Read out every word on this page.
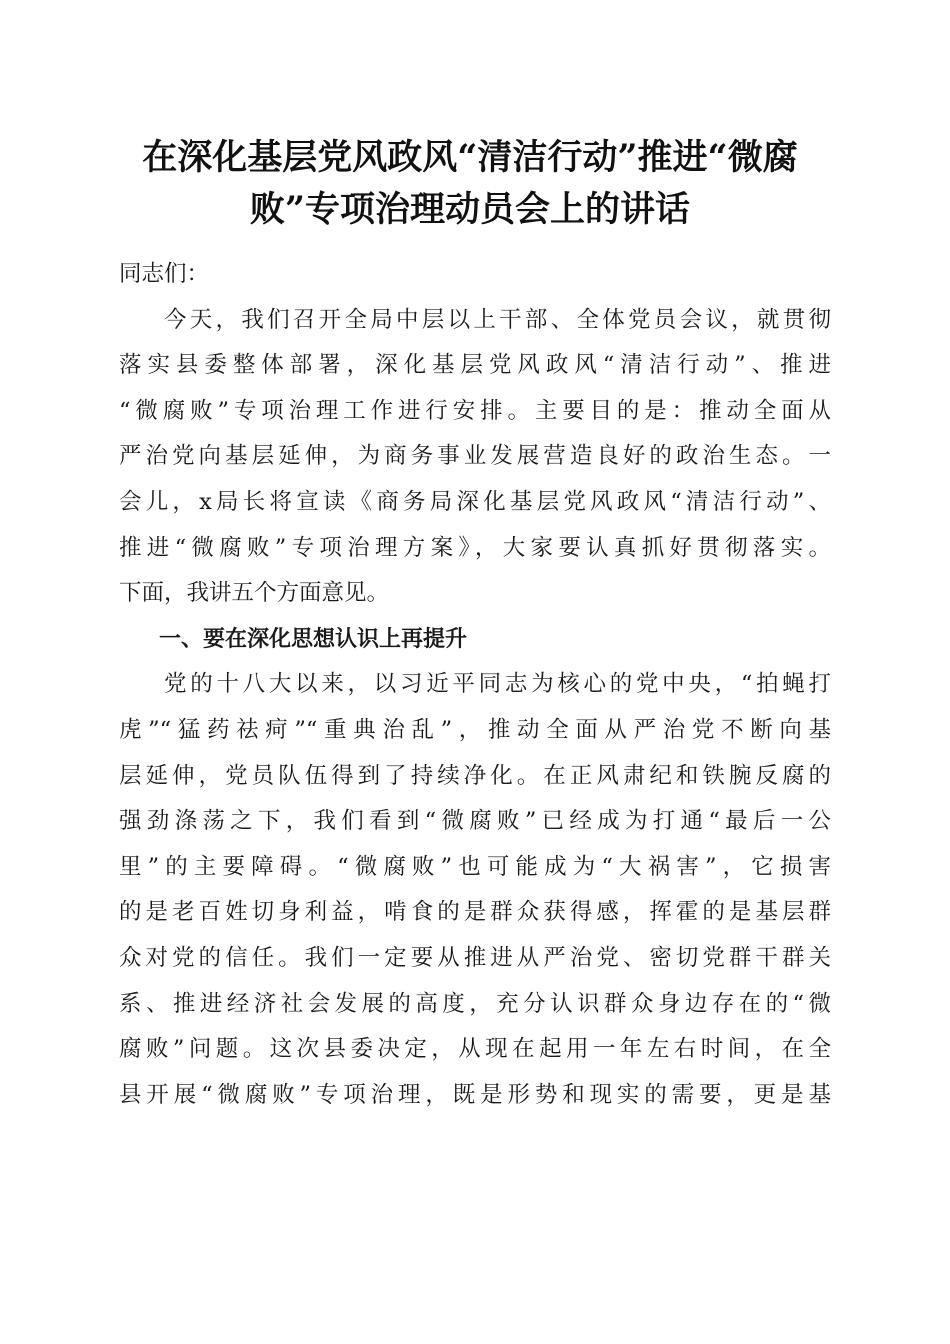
在深化基层党风政风“清洁行动”推进“微腐
败”专项治理动员会上的讲话
同志们：
今天，我们召开全局中层以上干部、全体党员会议，就贯彻
落实县委整体部署，深化基层党风政风“清洁行动”、推进
“微腐败”专项治理工作进行安排。主要目的是：推动全面从
严治党向基层延伸，为商务事业发展营造良好的政治生态。一
会儿，x局长将宣读《商务局深化基层党风政风“清洁行动”、
推进“微腐败”专项治理方案》，大家要认真抓好贯彻落实。
下面，我讲五个方面意见。
一、要在深化思想认识上再提升
党的十八大以来，以习近平同志为核心的党中央，“拍蝇打
虎”“猛药祛疴”“重典治乱”，推动全面从严治党不断向基
层延伸，党员队伍得到了持续净化。在正风肃纪和铁腕反腐的
强劲涤荡之下，我们看到“微腐败”已经成为打通“最后一公
里”的主要障碍。“微腐败”也可能成为“大祸害”，它损害
的是老百姓切身利益，啃食的是群众获得感，挥霍的是基层群
众对党的信任。我们一定要从推进从严治党、密切党群干群关
系、推进经济社会发展的高度，充分认识群众身边存在的“微
腐败”问题。这次县委决定，从现在起用一年左右时间，在全
县开展“微腐败”专项治理，既是形势和现实的需要，更是基
